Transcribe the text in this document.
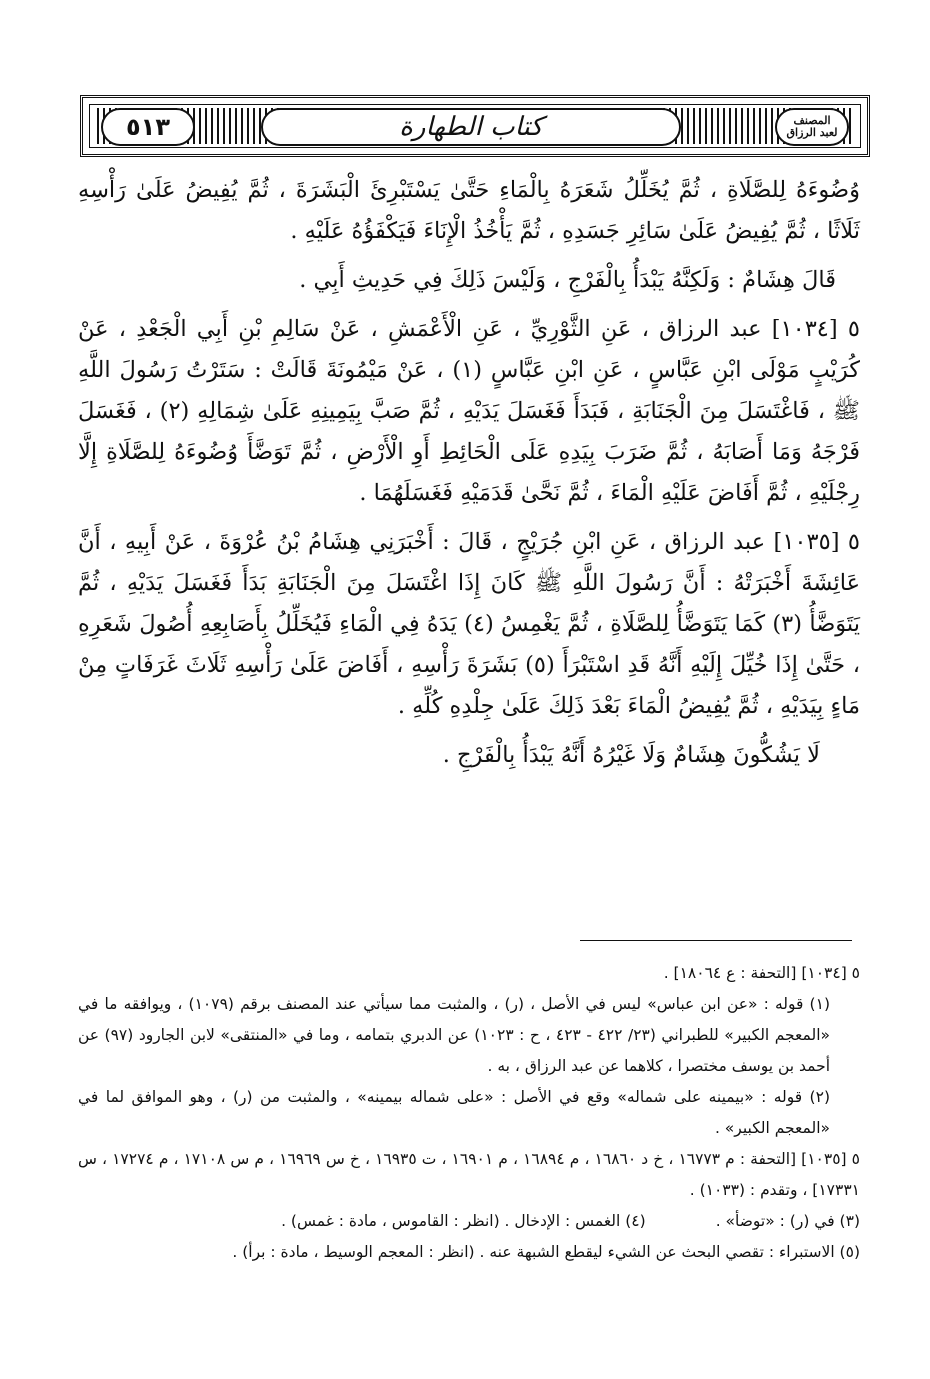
٥١٣	كتاب الطهارة	المصنف
لعبد الرزاق

وُضُوءَهُ لِلصَّلَاةِ ، ثُمَّ يُخَلِّلُ شَعَرَهُ بِالْمَاءِ حَتَّىٰ يَسْتَبْرِئَ الْبَشَرَةَ ، ثُمَّ يُفِيضُ عَلَىٰ رَأْسِهِ ثَلَاثًا ، ثُمَّ يُفِيضُ عَلَىٰ سَائِرِ جَسَدِهِ ، ثُمَّ يَأْخُذُ الْإِنَاءَ فَيَكْفَؤُهُ عَلَيْهِ .

قَالَ هِشَامٌ : وَلَكِنَّهُ يَبْدَأُ بِالْفَرْجِ ، وَلَيْسَ ذَلِكَ فِي حَدِيثِ أَبِي .

٥ [١٠٣٤] عبد الرزاق ، عَنِ الثَّوْرِيِّ ، عَنِ الْأَعْمَشِ ، عَنْ سَالِمِ بْنِ أَبِي الْجَعْدِ ، عَنْ كُرَيْبٍ مَوْلَى ابْنِ عَبَّاسٍ ، عَنِ ابْنِ عَبَّاسٍ (١) ، عَنْ مَيْمُونَةَ قَالَتْ : سَتَرْتُ رَسُولَ اللَّهِ ﷺ ، فَاغْتَسَلَ مِنَ الْجَنَابَةِ ، فَبَدَأَ فَغَسَلَ يَدَيْهِ ، ثُمَّ صَبَّ بِيَمِينِهِ عَلَىٰ شِمَالِهِ (٢) ، فَغَسَلَ فَرْجَهُ وَمَا أَصَابَهُ ، ثُمَّ ضَرَبَ بِيَدِهِ عَلَى الْحَائِطِ أَوِ الْأَرْضِ ، ثُمَّ تَوَضَّأَ وُضُوءَهُ لِلصَّلَاةِ إِلَّا رِجْلَيْهِ ، ثُمَّ أَفَاضَ عَلَيْهِ الْمَاءَ ، ثُمَّ نَحَّىٰ قَدَمَيْهِ فَغَسَلَهُمَا .

٥ [١٠٣٥] عبد الرزاق ، عَنِ ابْنِ جُرَيْجٍ ، قَالَ : أَخْبَرَنِي هِشَامُ بْنُ عُرْوَةَ ، عَنْ أَبِيهِ ، أَنَّ عَائِشَةَ أَخْبَرَتْهُ : أَنَّ رَسُولَ اللَّهِ ﷺ كَانَ إِذَا اغْتَسَلَ مِنَ الْجَنَابَةِ بَدَأَ فَغَسَلَ يَدَيْهِ ، ثُمَّ يَتَوَضَّأُ (٣) كَمَا يَتَوَضَّأُ لِلصَّلَاةِ ، ثُمَّ يَغْمِسُ (٤) يَدَهُ فِي الْمَاءِ فَيُخَلِّلُ بِأَصَابِعِهِ أُصُولَ شَعَرِهِ ، حَتَّىٰ إِذَا خُيِّلَ إِلَيْهِ أَنَّهُ قَدِ اسْتَبْرَأَ (٥) بَشَرَةَ رَأْسِهِ ، أَفَاضَ عَلَىٰ رَأْسِهِ ثَلَاثَ غَرَفَاتٍ مِنْ مَاءٍ بِيَدَيْهِ ، ثُمَّ يُفِيضُ الْمَاءَ بَعْدَ ذَلِكَ عَلَىٰ جِلْدِهِ كُلِّهِ .

لَا يَشُكُّونَ هِشَامٌ وَلَا غَيْرُهُ أَنَّهُ يَبْدَأُ بِالْفَرْجِ .

٥ [١٠٣٤] [التحفة : ع ١٨٠٦٤] .

(١) قوله : «عن ابن عباس» ليس في الأصل ، (ر) ، والمثبت مما سيأتي عند المصنف برقم (١٠٧٩) ، ويوافقه ما في «المعجم الكبير» للطبراني (٢٣/ ٤٢٢ - ٤٢٣ ، ح : ١٠٢٣) عن الدبري بتمامه ، وما في «المنتقى» لابن الجارود (٩٧) عن أحمد بن يوسف مختصرا ، كلاهما عن عبد الرزاق ، به .

(٢) قوله : «بيمينه على شماله» وقع في الأصل : «على شماله بيمينه» ، والمثبت من (ر) ، وهو الموافق لما في «المعجم الكبير» .

٥ [١٠٣٥] [التحفة : م ١٦٧٧٣ ، خ د ١٦٨٦٠ ، م ١٦٨٩٤ ، م ١٦٩٠١ ، ت ١٦٩٣٥ ، خ س ١٦٩٦٩ ، م س ١٧١٠٨ ، م ١٧٢٧٤ ، س ١٧٣٣١] ، وتقدم : (١٠٣٣) .

(٣) في (ر) : «توضأ» .

(٤) الغمس : الإدخال . (انظر : القاموس ، مادة : غمس) .

(٥) الاستبراء : تقصي البحث عن الشيء ليقطع الشبهة عنه . (انظر : المعجم الوسيط ، مادة : برأ) .
